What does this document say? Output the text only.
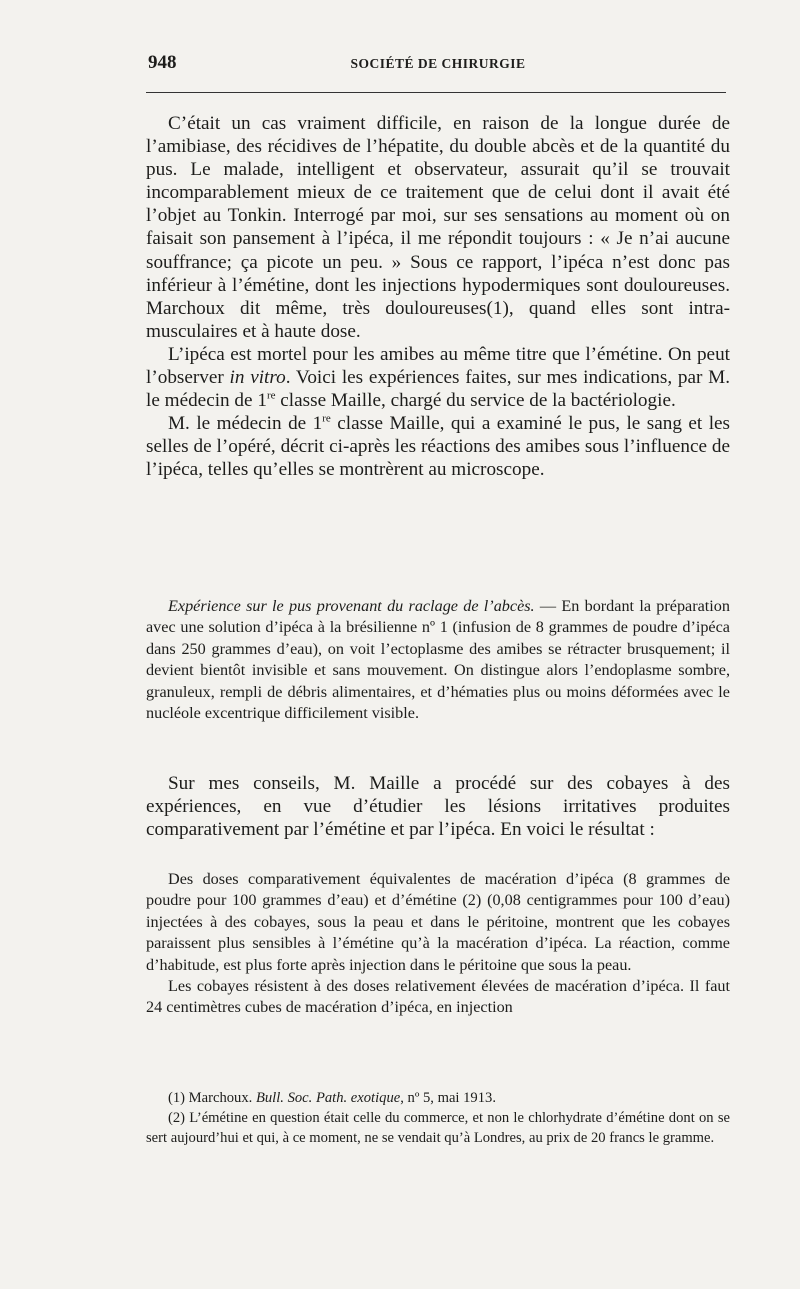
948	SOCIÉTÉ DE CHIRURGIE

C’était un cas vraiment difficile, en raison de la longue durée de l’amibiase, des récidives de l’hépatite, du double abcès et de la quantité du pus. Le malade, intelligent et observateur, assurait qu’il se trouvait incomparablement mieux de ce traitement que de celui dont il avait été l’objet au Tonkin. Interrogé par moi, sur ses sensations au moment où on faisait son pansement à l’ipéca, il me répondit toujours : « Je n’ai aucune souffrance; ça picote un peu. » Sous ce rapport, l’ipéca n’est donc pas inférieur à l’émétine, dont les injections hypodermiques sont douloureuses. Marchoux dit même, très douloureuses(1), quand elles sont intra-musculaires et à haute dose.

L’ipéca est mortel pour les amibes au même titre que l’émétine. On peut l’observer in vitro. Voici les expériences faites, sur mes indications, par M. le médecin de 1re classe Maille, chargé du service de la bactériologie.

M. le médecin de 1re classe Maille, qui a examiné le pus, le sang et les selles de l’opéré, décrit ci-après les réactions des amibes sous l’influence de l’ipéca, telles qu’elles se montrèrent au microscope.

Expérience sur le pus provenant du raclage de l’abcès. — En bordant la préparation avec une solution d’ipéca à la brésilienne nº 1 (infusion de 8 grammes de poudre d’ipéca dans 250 grammes d’eau), on voit l’ectoplasme des amibes se rétracter brusquement; il devient bientôt invisible et sans mouvement. On distingue alors l’endoplasme sombre, granuleux, rempli de débris alimentaires, et d’hématies plus ou moins déformées avec le nucléole excentrique difficilement visible.

Sur mes conseils, M. Maille a procédé sur des cobayes à des expériences, en vue d’étudier les lésions irritatives produites comparativement par l’émétine et par l’ipéca. En voici le résultat :

Des doses comparativement équivalentes de macération d’ipéca (8 grammes de poudre pour 100 grammes d’eau) et d’émétine (2) (0,08 centigrammes pour 100 d’eau) injectées à des cobayes, sous la peau et dans le péritoine, montrent que les cobayes paraissent plus sensibles à l’émétine qu’à la macération d’ipéca. La réaction, comme d’habitude, est plus forte après injection dans le péritoine que sous la peau.

Les cobayes résistent à des doses relativement élevées de macération d’ipéca. Il faut 24 centimètres cubes de macération d’ipéca, en injection

(1) Marchoux. Bull. Soc. Path. exotique, nº 5, mai 1913.

(2) L’émétine en question était celle du commerce, et non le chlorhydrate d’émétine dont on se sert aujourd’hui et qui, à ce moment, ne se vendait qu’à Londres, au prix de 20 francs le gramme.
